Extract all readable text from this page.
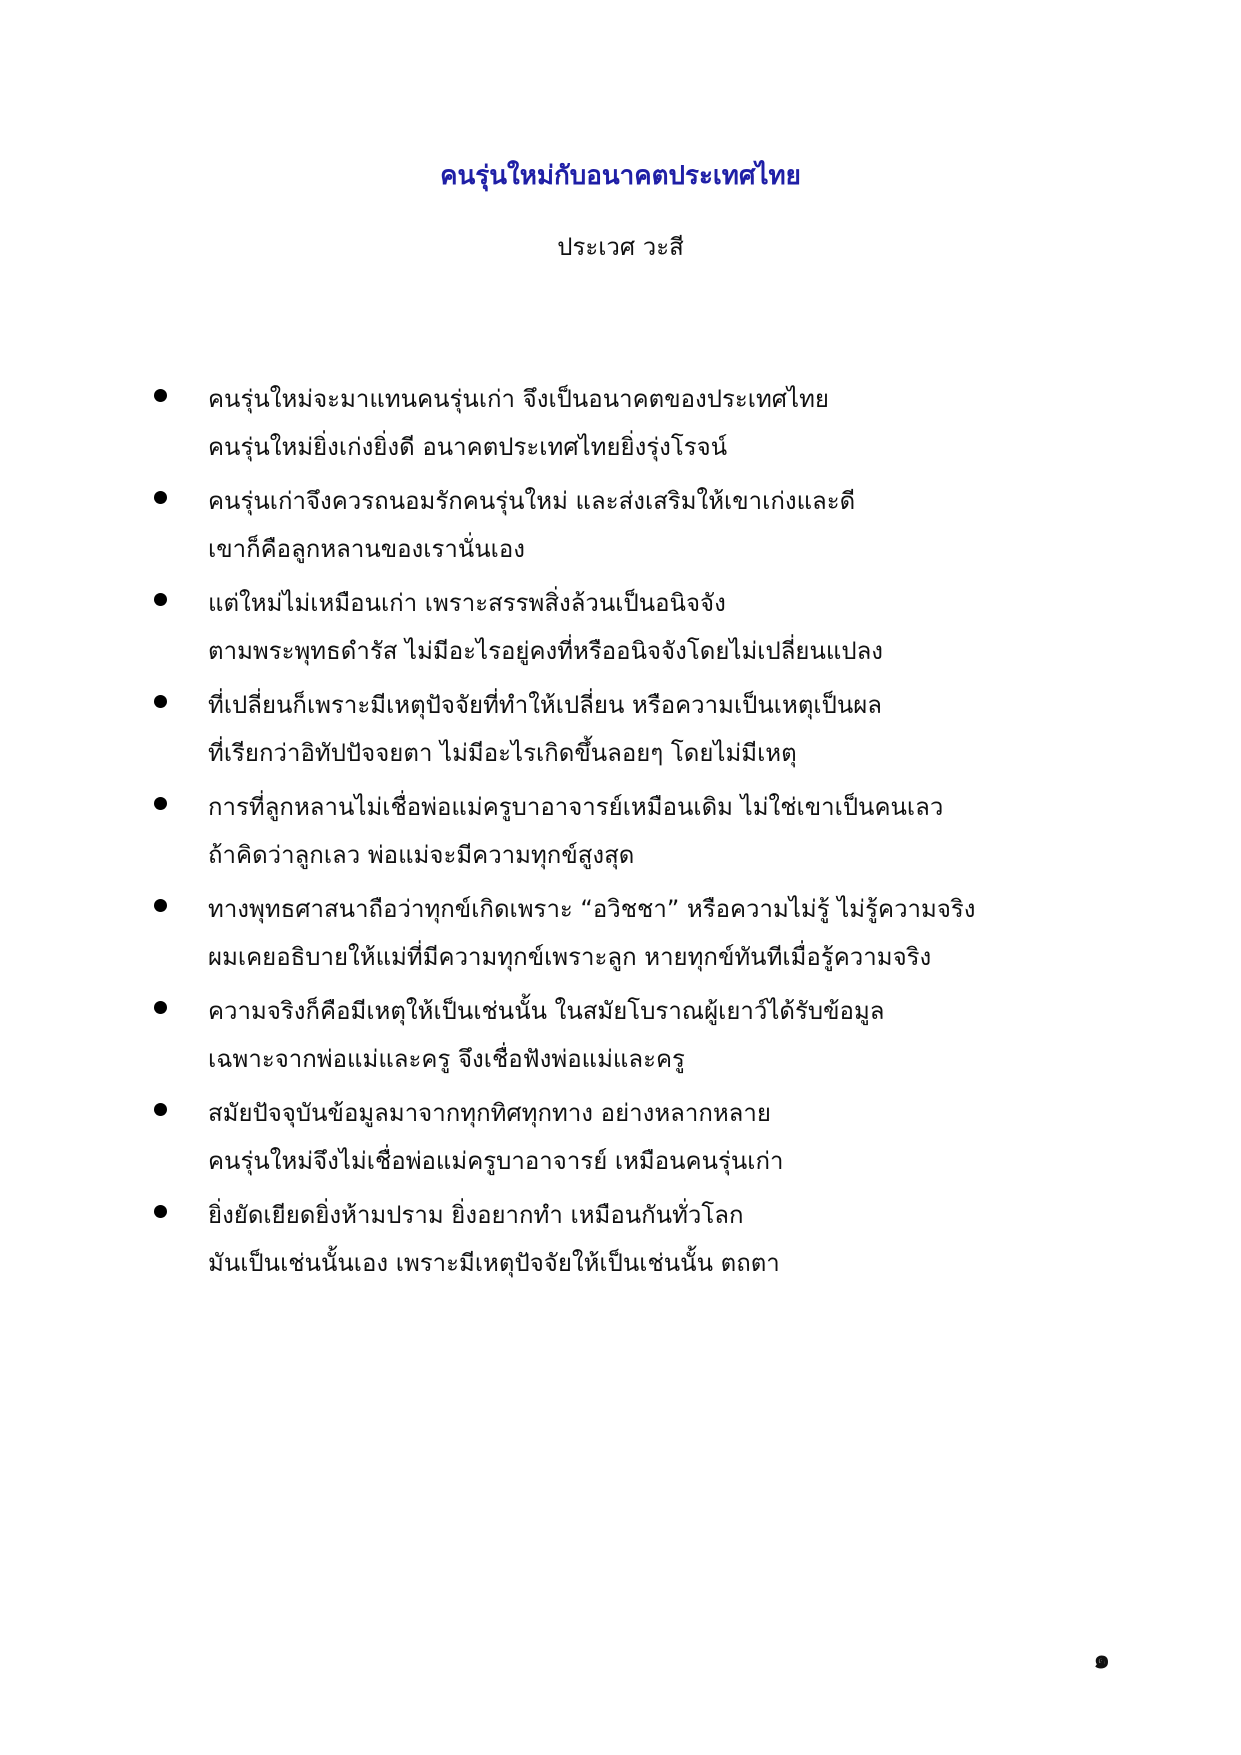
คนรุ่นใหม่กับอนาคตประเทศไทย
ประเวศ วะสี
คนรุ่นใหม่จะมาแทนคนรุ่นเก่า จึงเป็นอนาคตของประเทศไทย
คนรุ่นใหม่ยิ่งเก่งยิ่งดี อนาคตประเทศไทยยิ่งรุ่งโรจน์
คนรุ่นเก่าจึงควรถนอมรักคนรุ่นใหม่ และส่งเสริมให้เขาเก่งและดี
เขาก็คือลูกหลานของเรานั่นเอง
แต่ใหม่ไม่เหมือนเก่า เพราะสรรพสิ่งล้วนเป็นอนิจจัง
ตามพระพุทธดำรัส ไม่มีอะไรอยู่คงที่หรืออนิจจังโดยไม่เปลี่ยนแปลง
ที่เปลี่ยนก็เพราะมีเหตุปัจจัยที่ทำให้เปลี่ยน หรือความเป็นเหตุเป็นผล
ที่เรียกว่าอิทัปปัจจยตา ไม่มีอะไรเกิดขึ้นลอยๆ โดยไม่มีเหตุ
การที่ลูกหลานไม่เชื่อพ่อแม่ครูบาอาจารย์เหมือนเดิม ไม่ใช่เขาเป็นคนเลว
ถ้าคิดว่าลูกเลว พ่อแม่จะมีความทุกข์สูงสุด
ทางพุทธศาสนาถือว่าทุกข์เกิดเพราะ “อวิชชา” หรือความไม่รู้ ไม่รู้ความจริง
ผมเคยอธิบายให้แม่ที่มีความทุกข์เพราะลูก หายทุกข์ทันทีเมื่อรู้ความจริง
ความจริงก็คือมีเหตุให้เป็นเช่นนั้น ในสมัยโบราณผู้เยาว์ได้รับข้อมูล
เฉพาะจากพ่อแม่และครู จึงเชื่อฟังพ่อแม่และครู
สมัยปัจจุบันข้อมูลมาจากทุกทิศทุกทาง อย่างหลากหลาย
คนรุ่นใหม่จึงไม่เชื่อพ่อแม่ครูบาอาจารย์ เหมือนคนรุ่นเก่า
ยิ่งยัดเยียดยิ่งห้ามปราม ยิ่งอยากทำ เหมือนกันทั่วโลก
มันเป็นเช่นนั้นเอง เพราะมีเหตุปัจจัยให้เป็นเช่นนั้น ตถตา
๑
